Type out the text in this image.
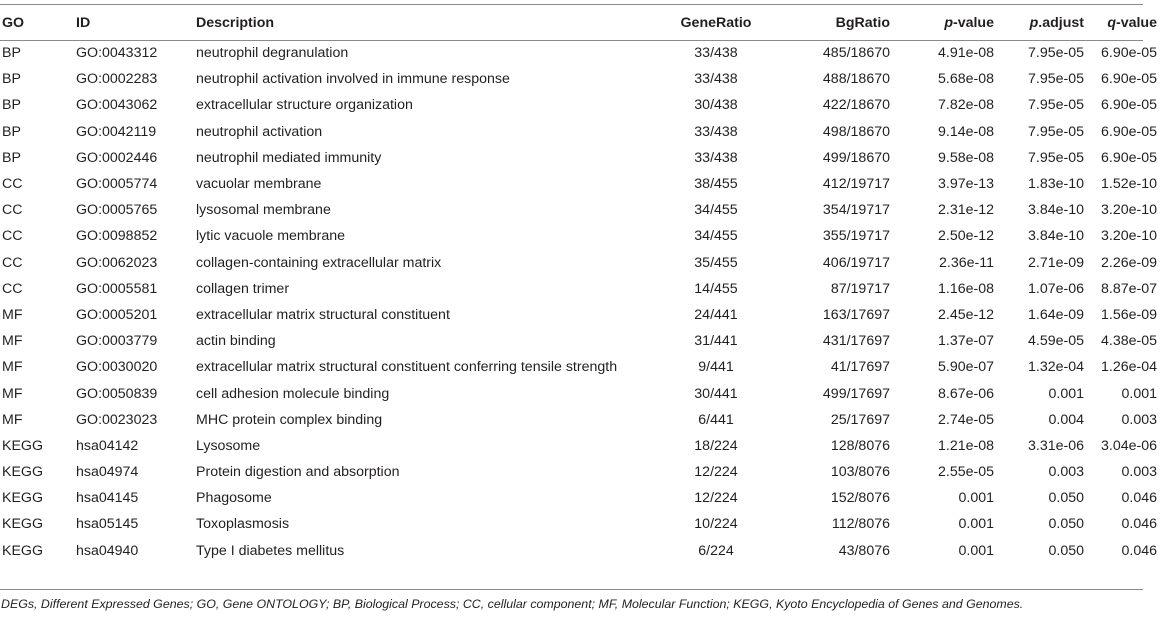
GO	ID	Description	GeneRatio	BgRatio	p-value	p.adjust	q-value
BP	GO:0043312	neutrophil degranulation	33/438	485/18670	4.91e-08	7.95e-05	6.90e-05
BP	GO:0002283	neutrophil activation involved in immune response	33/438	488/18670	5.68e-08	7.95e-05	6.90e-05
BP	GO:0043062	extracellular structure organization	30/438	422/18670	7.82e-08	7.95e-05	6.90e-05
BP	GO:0042119	neutrophil activation	33/438	498/18670	9.14e-08	7.95e-05	6.90e-05
BP	GO:0002446	neutrophil mediated immunity	33/438	499/18670	9.58e-08	7.95e-05	6.90e-05
CC	GO:0005774	vacuolar membrane	38/455	412/19717	3.97e-13	1.83e-10	1.52e-10
CC	GO:0005765	lysosomal membrane	34/455	354/19717	2.31e-12	3.84e-10	3.20e-10
CC	GO:0098852	lytic vacuole membrane	34/455	355/19717	2.50e-12	3.84e-10	3.20e-10
CC	GO:0062023	collagen-containing extracellular matrix	35/455	406/19717	2.36e-11	2.71e-09	2.26e-09
CC	GO:0005581	collagen trimer	14/455	87/19717	1.16e-08	1.07e-06	8.87e-07
MF	GO:0005201	extracellular matrix structural constituent	24/441	163/17697	2.45e-12	1.64e-09	1.56e-09
MF	GO:0003779	actin binding	31/441	431/17697	1.37e-07	4.59e-05	4.38e-05
MF	GO:0030020	extracellular matrix structural constituent conferring tensile strength	9/441	41/17697	5.90e-07	1.32e-04	1.26e-04
MF	GO:0050839	cell adhesion molecule binding	30/441	499/17697	8.67e-06	0.001	0.001
MF	GO:0023023	MHC protein complex binding	6/441	25/17697	2.74e-05	0.004	0.003
KEGG	hsa04142	Lysosome	18/224	128/8076	1.21e-08	3.31e-06	3.04e-06
KEGG	hsa04974	Protein digestion and absorption	12/224	103/8076	2.55e-05	0.003	0.003
KEGG	hsa04145	Phagosome	12/224	152/8076	0.001	0.050	0.046
KEGG	hsa05145	Toxoplasmosis	10/224	112/8076	0.001	0.050	0.046
KEGG	hsa04940	Type I diabetes mellitus	6/224	43/8076	0.001	0.050	0.046
DEGs, Different Expressed Genes; GO, Gene ONTOLOGY; BP, Biological Process; CC, cellular component; MF, Molecular Function; KEGG, Kyoto Encyclopedia of Genes and Genomes.
